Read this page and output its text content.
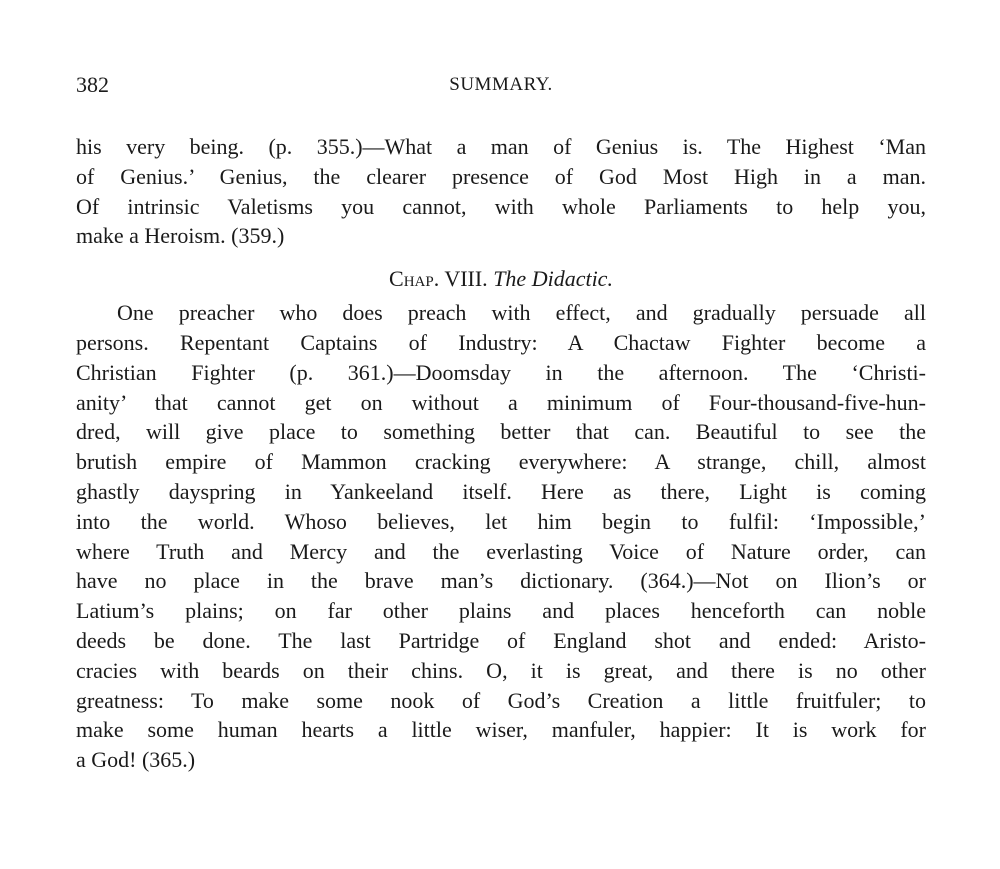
382	SUMMARY.
his very being. (p. 355.)—What a man of Genius is. The Highest ‘Man
of Genius.’ Genius, the clearer presence of God Most High in a man.
Of intrinsic Valetisms you cannot, with whole Parliaments to help you,
make a Heroism. (359.)
Chap. VIII. The Didactic.
One preacher who does preach with effect, and gradually persuade all
persons. Repentant Captains of Industry: A Chactaw Fighter become a
Christian Fighter (p. 361.)—Doomsday in the afternoon. The ‘Christi-
anity’ that cannot get on without a minimum of Four-thousand-five-hun-
dred, will give place to something better that can. Beautiful to see the
brutish empire of Mammon cracking everywhere: A strange, chill, almost
ghastly dayspring in Yankeeland itself. Here as there, Light is coming
into the world. Whoso believes, let him begin to fulfil: ‘Impossible,’
where Truth and Mercy and the everlasting Voice of Nature order, can
have no place in the brave man’s dictionary. (364.)—Not on Ilion’s or
Latium’s plains; on far other plains and places henceforth can noble
deeds be done. The last Partridge of England shot and ended: Aristo-
cracies with beards on their chins. O, it is great, and there is no other
greatness: To make some nook of God’s Creation a little fruitfuler; to
make some human hearts a little wiser, manfuler, happier: It is work for
a God! (365.)
